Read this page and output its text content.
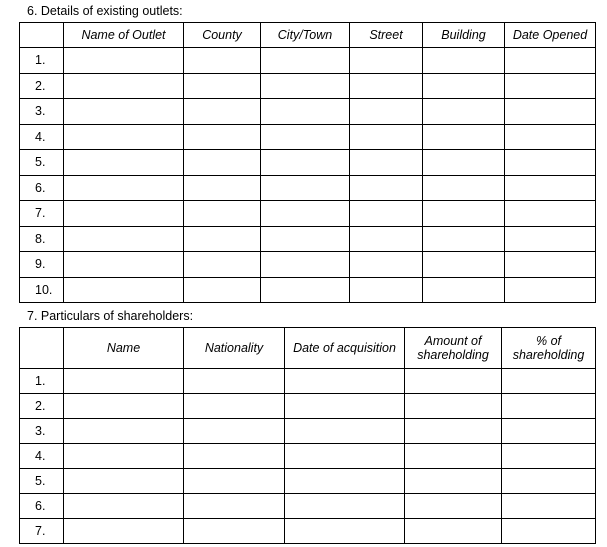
6. Details of existing outlets:
	Name of Outlet	County	City/Town	Street	Building	Date Opened
1.						
2.						
3.						
4.						
5.						
6.						
7.						
8.						
9.						
10.						
7. Particulars of shareholders:
	Name	Nationality	Date of acquisition	Amount of shareholding	% of shareholding
1.					
2.					
3.					
4.					
5.					
6.					
7.					
